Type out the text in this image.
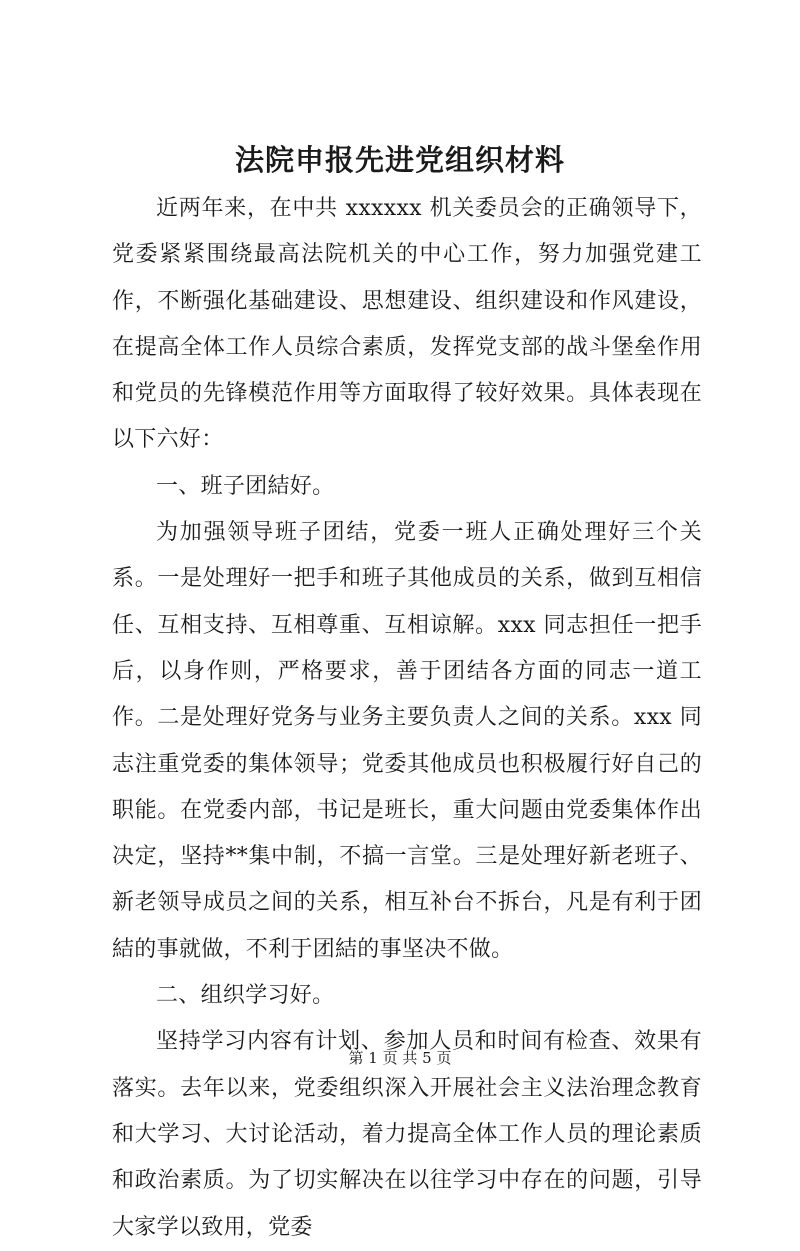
法院申报先进党组织材料

近两年来，在中共 xxxxxx 机关委员会的正确领导下，党委紧紧围绕最高法院机关的中心工作，努力加强党建工作，不断强化基础建设、思想建设、组织建设和作风建设，在提高全体工作人员综合素质，发挥党支部的战斗堡垒作用和党员的先锋模范作用等方面取得了较好效果。具体表现在以下六好：

一、班子团結好。

为加强领导班子团结，党委一班人正确处理好三个关系。一是处理好一把手和班子其他成员的关系，做到互相信任、互相支持、互相尊重、互相谅解。xxx 同志担任一把手后，以身作则，严格要求，善于团结各方面的同志一道工作。二是处理好党务与业务主要负责人之间的关系。xxx 同志注重党委的集体领导；党委其他成员也积极履行好自己的职能。在党委内部，书记是班长，重大问题由党委集体作出决定，坚持**集中制，不搞一言堂。三是处理好新老班子、新老领导成员之间的关系，相互补台不拆台，凡是有利于团結的事就做，不利于团結的事坚决不做。

二、组织学习好。

坚持学习内容有计划、参加人员和时间有检查、效果有落实。去年以来，党委组织深入开展社会主义法治理念教育和大学习、大讨论活动，着力提高全体工作人员的理论素质和政治素质。为了切实解决在以往学习中存在的问题，引导大家学以致用，党委

第 1 页 共 5 页
